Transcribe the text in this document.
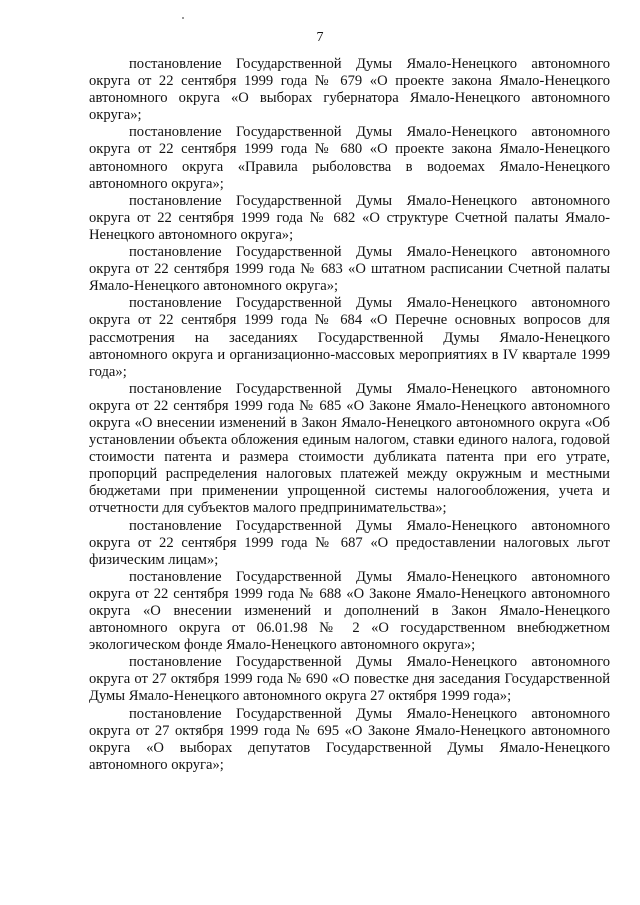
7

постановление Государственной Думы Ямало-Ненецкого автономного округа от 22 сентября 1999 года № 679 «О проекте закона Ямало-Ненецкого автономного округа «О выборах губернатора Ямало-Ненецкого автономного округа»;

постановление Государственной Думы Ямало-Ненецкого автономного округа от 22 сентября 1999 года № 680 «О проекте закона Ямало-Ненецкого автономного округа «Правила рыболовства в водоемах Ямало-Ненецкого автономного округа»;

постановление Государственной Думы Ямало-Ненецкого автономного округа от 22 сентября 1999 года № 682 «О структуре Счетной палаты Ямало-Ненецкого автономного округа»;

постановление Государственной Думы Ямало-Ненецкого автономного округа от 22 сентября 1999 года № 683 «О штатном расписании Счетной палаты Ямало-Ненецкого автономного округа»;

постановление Государственной Думы Ямало-Ненецкого автономного округа от 22 сентября 1999 года № 684 «О Перечне основных вопросов для рассмотрения на заседаниях Государственной Думы Ямало-Ненецкого автономного округа и организационно-массовых мероприятиях в IV квартале 1999 года»;

постановление Государственной Думы Ямало-Ненецкого автономного округа от 22 сентября 1999 года № 685 «О Законе Ямало-Ненецкого автономного округа «О внесении изменений в Закон Ямало-Ненецкого автономного округа «Об установлении объекта обложения единым налогом, ставки единого налога, годовой стоимости патента и размера стоимости дубликата патента при его утрате, пропорций распределения налоговых платежей между окружным и местными бюджетами при применении упрощенной системы налогообложения, учета и отчетности для субъектов малого предпринимательства»;

постановление Государственной Думы Ямало-Ненецкого автономного округа от 22 сентября 1999 года № 687 «О предоставлении налоговых льгот физическим лицам»;

постановление Государственной Думы Ямало-Ненецкого автономного округа от 22 сентября 1999 года № 688 «О Законе Ямало-Ненецкого автономного округа «О внесении изменений и дополнений в Закон Ямало-Ненецкого автономного округа от 06.01.98 № 2 «О государственном внебюджетном экологическом фонде Ямало-Ненецкого автономного округа»;

постановление Государственной Думы Ямало-Ненецкого автономного округа от 27 октября 1999 года № 690 «О повестке дня заседания Государственной Думы Ямало-Ненецкого автономного округа 27 октября 1999 года»;

постановление Государственной Думы Ямало-Ненецкого автономного округа от 27 октября 1999 года № 695 «О Законе Ямало-Ненецкого автономного округа «О выборах депутатов Государственной Думы Ямало-Ненецкого автономного округа»;
